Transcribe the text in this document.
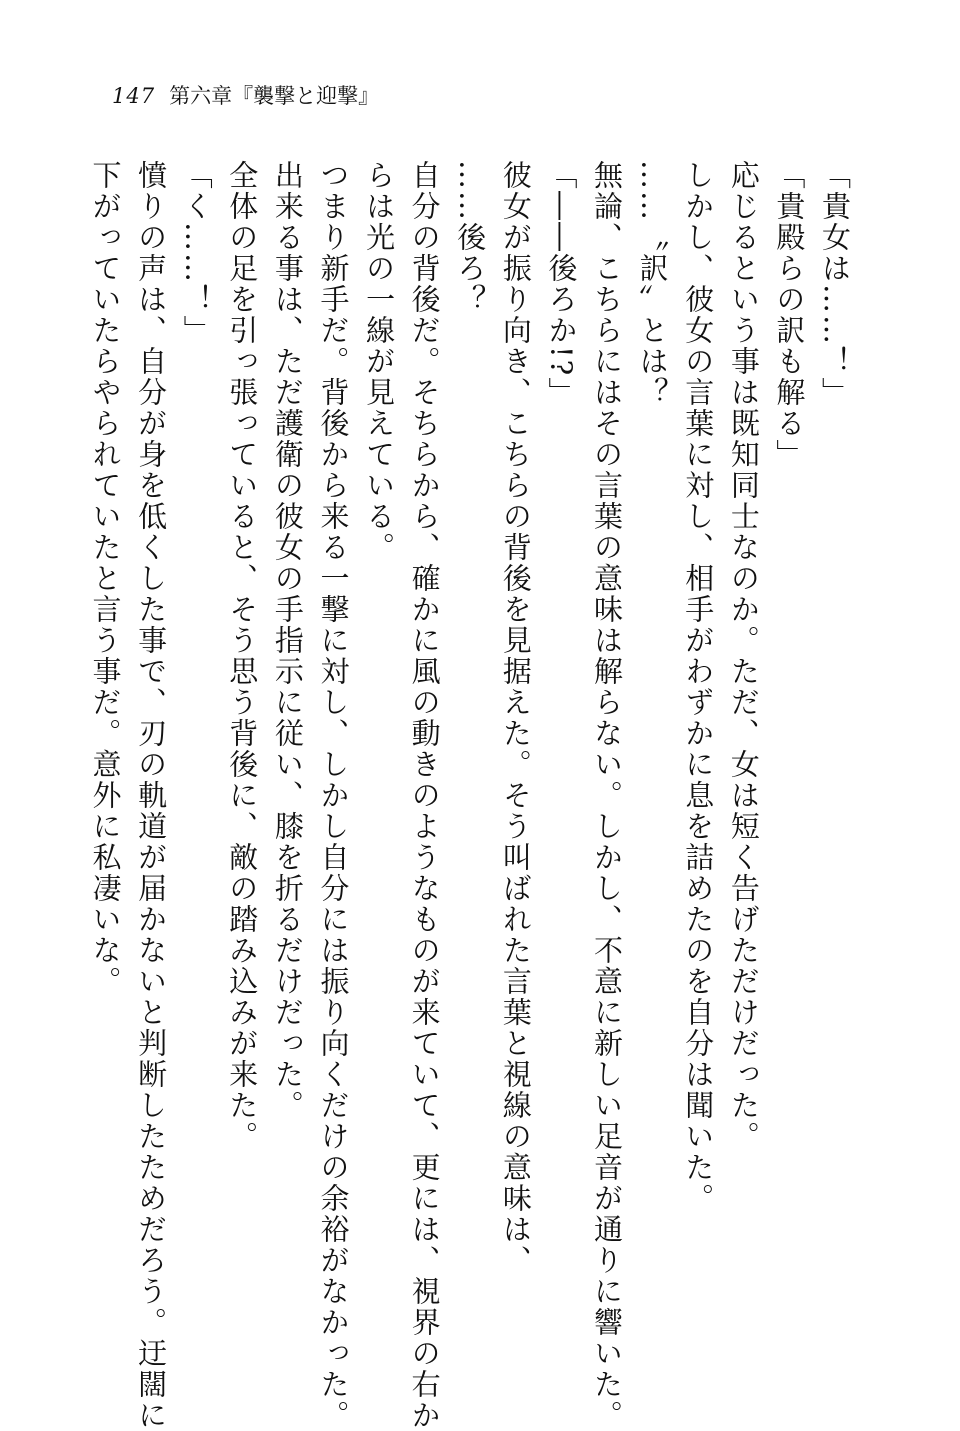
147 第六章『襲撃と迎撃』
「貴女は……！」
「貴殿らの訳も解る」
応じるという事は既知同士なのか。ただ、女は短く告げただけだった。
しかし、彼女の言葉に対し、相手がわずかに息を詰めたのを自分は聞いた。
……〝訳〟とは？
無論、こちらにはその言葉の意味は解らない。しかし、不意に新しい足音が通りに響いた。
「――後ろか!?」
彼女が振り向き、こちらの背後を見据えた。そう叫ばれた言葉と視線の意味は、
……後ろ？
自分の背後だ。そちらから、確かに風の動きのようなものが来ていて、更には、視界の右か
らは光の一線が見えている。
つまり新手だ。背後から来る一撃に対し、しかし自分には振り向くだけの余裕がなかった。
出来る事は、ただ護衛の彼女の手指示に従い、膝を折るだけだった。
全体の足を引っ張っていると、そう思う背後に、敵の踏み込みが来た。
「く……！」
憤りの声は、自分が身を低くした事で、刃の軌道が届かないと判断したためだろう。迂闊に
下がっていたらやられていたと言う事だ。意外に私凄いな。
